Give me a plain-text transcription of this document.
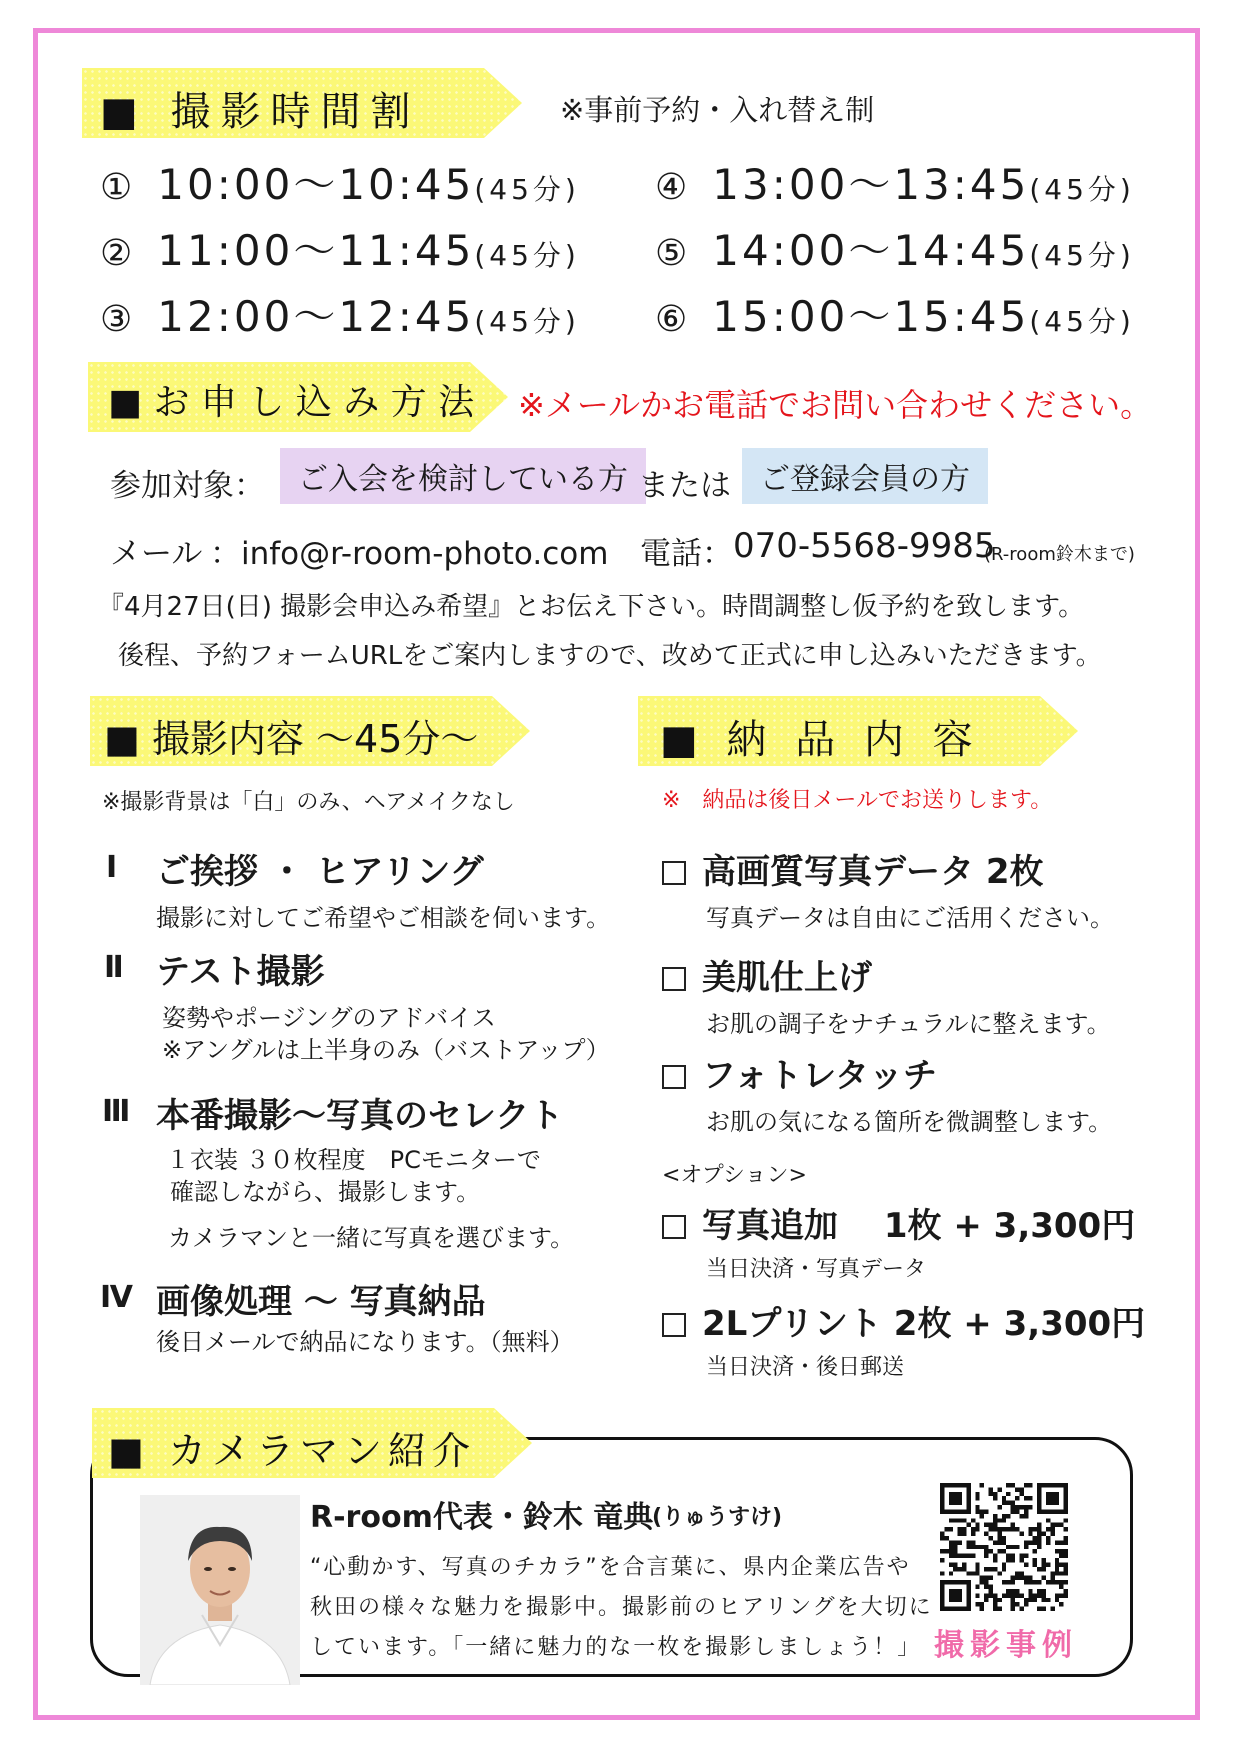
■ 撮影時間割	※事前予約・入れ替え制
① 10:00〜10:45(45分)
② 11:00〜11:45(45分)
③ 12:00〜12:45(45分)
④ 13:00〜13:45(45分)
⑤ 14:00〜14:45(45分)
⑥ 15:00〜15:45(45分)
■ お 申 し 込 み 方 法 ※メールかお電話でお問い合わせください。
参加対象：	ご入会を検討している方 または ご登録会員の方
メール ：info@r-room-photo.com 電話： 070-5568-9985
(R-room鈴木まで)
『4月27日(日) 撮影会申込み希望』とお伝え下さい。時間調整し仮予約を致します。
後程、予約フォームURLをご案内しますので、改めて正式に申し込みいただきます。
■ 撮影内容 〜45分〜
※撮影背景は「白」のみ、ヘアメイクなし
Ⅰ ご挨拶 ・ ヒアリング
撮影に対してご希望やご相談を伺います。
Ⅱ テスト撮影
姿勢やポージングのアドバイス
※アングルは上半身のみ（バストアップ）
Ⅲ 本番撮影〜写真のセレクト
１衣装 ３０枚程度　PCモニターで
確認しながら、撮影します。
カメラマンと一緒に写真を選びます。
Ⅳ 画像処理 〜 写真納品
後日メールで納品になります。（無料）
■ 納 品 内 容
※　納品は後日メールでお送りします。
高画質写真データ 2枚
写真データは自由にご活用ください。
美肌仕上げ
お肌の調子をナチュラルに整えます。
フォトレタッチ
お肌の気になる箇所を微調整します。
<オプション>
写真追加　 1枚 + 3,300円
当日決済・写真データ
2Lプリント 2枚 + 3,300円
当日決済・後日郵送
■ カメラマン紹介
R-room代表・鈴木 竜典
(りゅうすけ)
“心動かす、写真のチカラ”を合言葉に、県内企業広告や
秋田の様々な魅力を撮影中。撮影前のヒアリングを大切に
しています。「一緒に魅力的な一枚を撮影しましょう！」 撮影事例
